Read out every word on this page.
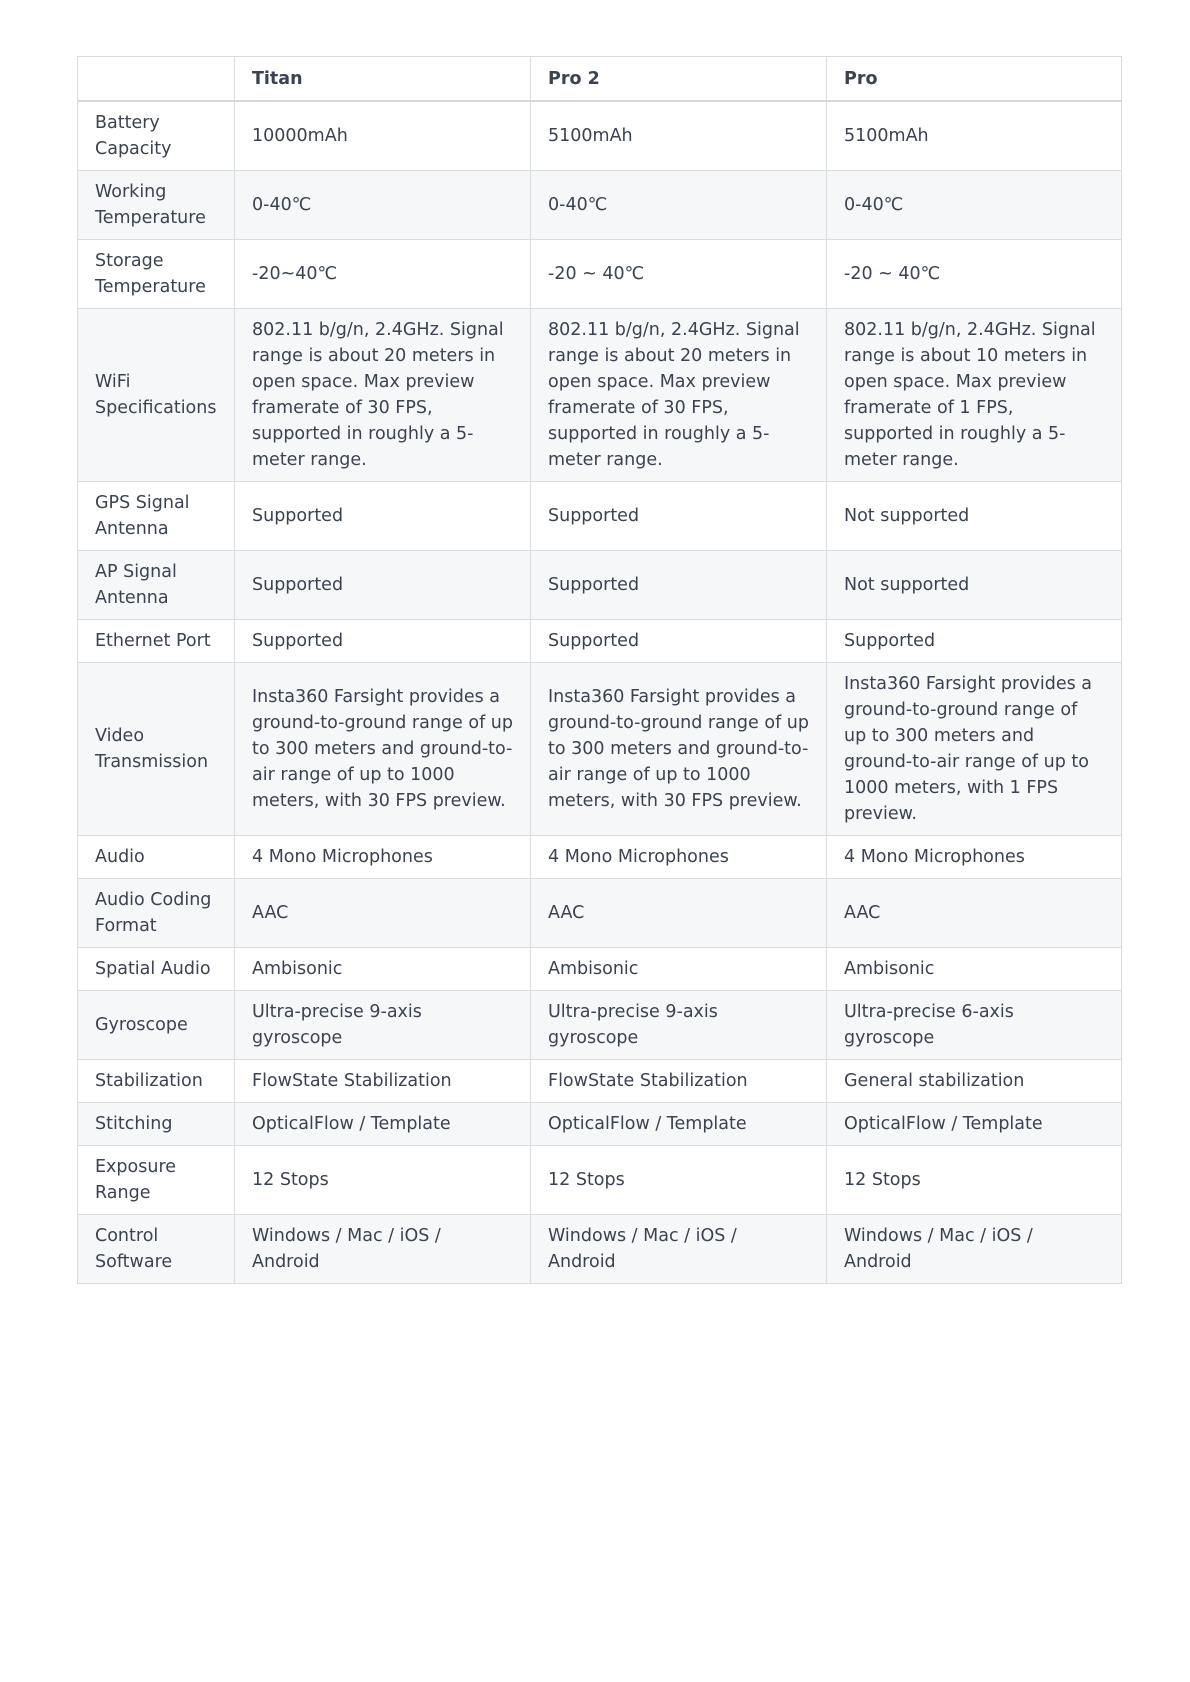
	Titan	Pro 2	Pro
Battery Capacity	10000mAh	5100mAh	5100mAh
Working Temperature	0-40℃	0-40℃	0-40℃
Storage Temperature	-20~40℃	-20 ~ 40℃	-20 ~ 40℃
WiFi Specifications	802.11 b/g/n, 2.4GHz. Signal range is about 20 meters in open space. Max preview framerate of 30 FPS, supported in roughly a 5-meter range.	802.11 b/g/n, 2.4GHz. Signal range is about 20 meters in open space. Max preview framerate of 30 FPS, supported in roughly a 5-meter range.	802.11 b/g/n, 2.4GHz. Signal range is about 10 meters in open space. Max preview framerate of 1 FPS, supported in roughly a 5-meter range.
GPS Signal Antenna	Supported	Supported	Not supported
AP Signal Antenna	Supported	Supported	Not supported
Ethernet Port	Supported	Supported	Supported
Video Transmission	Insta360 Farsight provides a ground-to-ground range of up to 300 meters and ground-to-air range of up to 1000 meters, with 30 FPS preview.	Insta360 Farsight provides a ground-to-ground range of up to 300 meters and ground-to-air range of up to 1000 meters, with 30 FPS preview.	Insta360 Farsight provides a ground-to-ground range of up to 300 meters and ground-to-air range of up to 1000 meters, with 1 FPS preview.
Audio	4 Mono Microphones	4 Mono Microphones	4 Mono Microphones
Audio Coding Format	AAC	AAC	AAC
Spatial Audio	Ambisonic	Ambisonic	Ambisonic
Gyroscope	Ultra-precise 9-axis gyroscope	Ultra-precise 9-axis gyroscope	Ultra-precise 6-axis gyroscope
Stabilization	FlowState Stabilization	FlowState Stabilization	General stabilization
Stitching	OpticalFlow / Template	OpticalFlow / Template	OpticalFlow / Template
Exposure Range	12 Stops	12 Stops	12 Stops
Control Software	Windows / Mac / iOS / Android	Windows / Mac / iOS / Android	Windows / Mac / iOS / Android
